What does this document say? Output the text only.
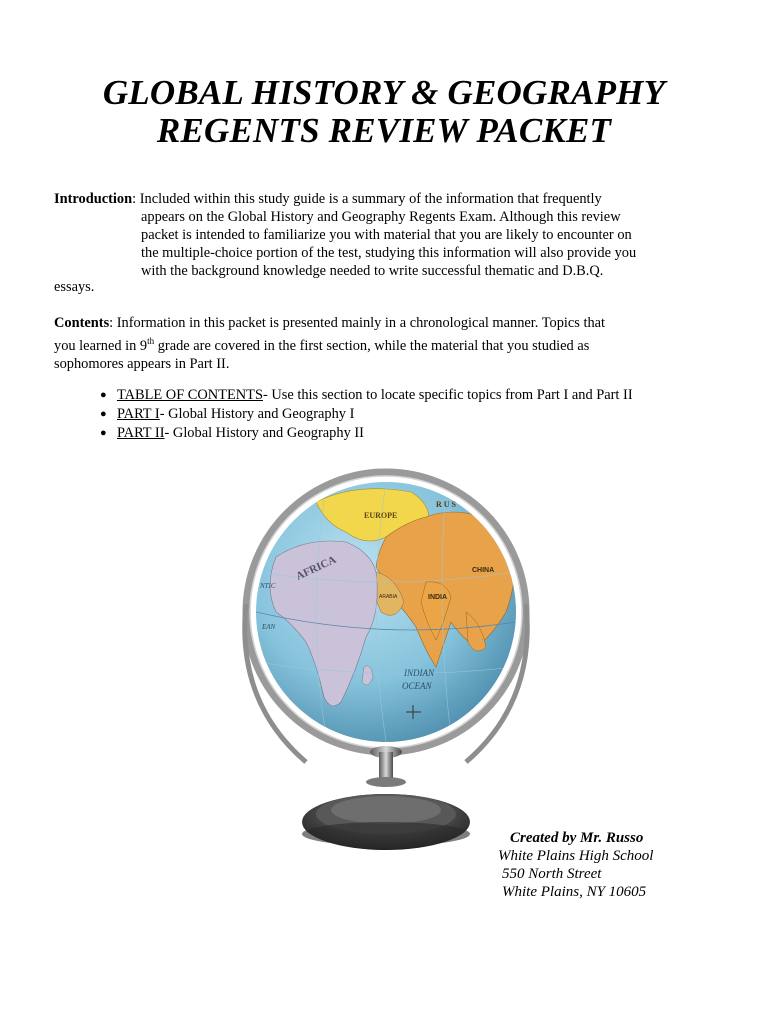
GLOBAL HISTORY & GEOGRAPHY
REGENTS REVIEW PACKET
Introduction: Included within this study guide is a summary of the information that frequently
appears on the Global History and Geography Regents Exam. Although this review
packet is intended to familiarize you with material that you are likely to encounter on
the multiple-choice portion of the test, studying this information will also provide you
with the background knowledge needed to write successful thematic and D.B.Q.
essays.
Contents: Information in this packet is presented mainly in a chronological manner. Topics that
you learned in 9th grade are covered in the first section, while the material that you studied as
sophomores appears in Part II.
● TABLE OF CONTENTS- Use this section to locate specific topics from Part I and Part II
● PART I- Global History and Geography I
● PART II- Global History and Geography II
EUROPE
R U S
AFRICA
INDIA
CHINA
ARABIA
INDIAN
OCEAN
NTIC
EAN
Created by Mr. Russo
White Plains High School
550 North Street
White Plains, NY 10605
